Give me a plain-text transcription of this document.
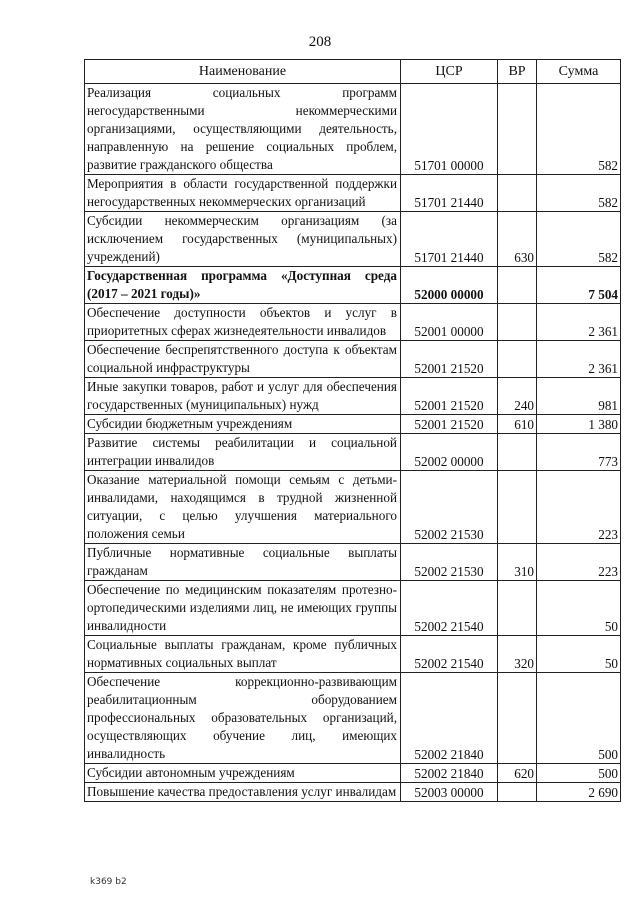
208
Наименование	ЦСР	ВР	Сумма
Реализация социальных программ негосударственными некоммерческими организациями, осуществляющими деятельность, направленную на решение социальных проблем, развитие гражданского общества	51701 00000		582
Мероприятия в области государственной поддержки негосударственных некоммерческих организаций	51701 21440		582
Субсидии некоммерческим организациям (за исключением государственных (муниципальных) учреждений)	51701 21440	630	582
Государственная программа «Доступная среда (2017 – 2021 годы)»	52000 00000		7 504
Обеспечение доступности объектов и услуг в приоритетных сферах жизнедеятельности инвалидов	52001 00000		2 361
Обеспечение беспрепятственного доступа к объектам социальной инфраструктуры	52001 21520		2 361
Иные закупки товаров, работ и услуг для обеспечения государственных (муниципальных) нужд	52001 21520	240	981
Субсидии бюджетным учреждениям	52001 21520	610	1 380
Развитие системы реабилитации и социальной интеграции инвалидов	52002 00000		773
Оказание материальной помощи семьям с детьми-инвалидами, находящимся в трудной жизненной ситуации, с целью улучшения материального положения семьи	52002 21530		223
Публичные нормативные социальные выплаты гражданам	52002 21530	310	223
Обеспечение по медицинским показателям протезно-ортопедическими изделиями лиц, не имеющих группы инвалидности	52002 21540		50
Социальные выплаты гражданам, кроме публичных нормативных социальных выплат	52002 21540	320	50
Обеспечение коррекционно-развивающим реабилитационным оборудованием профессиональных образовательных организаций, осуществляющих обучение лиц, имеющих инвалидность	52002 21840		500
Субсидии автономным учреждениям	52002 21840	620	500
Повышение качества предоставления услуг инвалидам	52003 00000		2 690
k369 b2
